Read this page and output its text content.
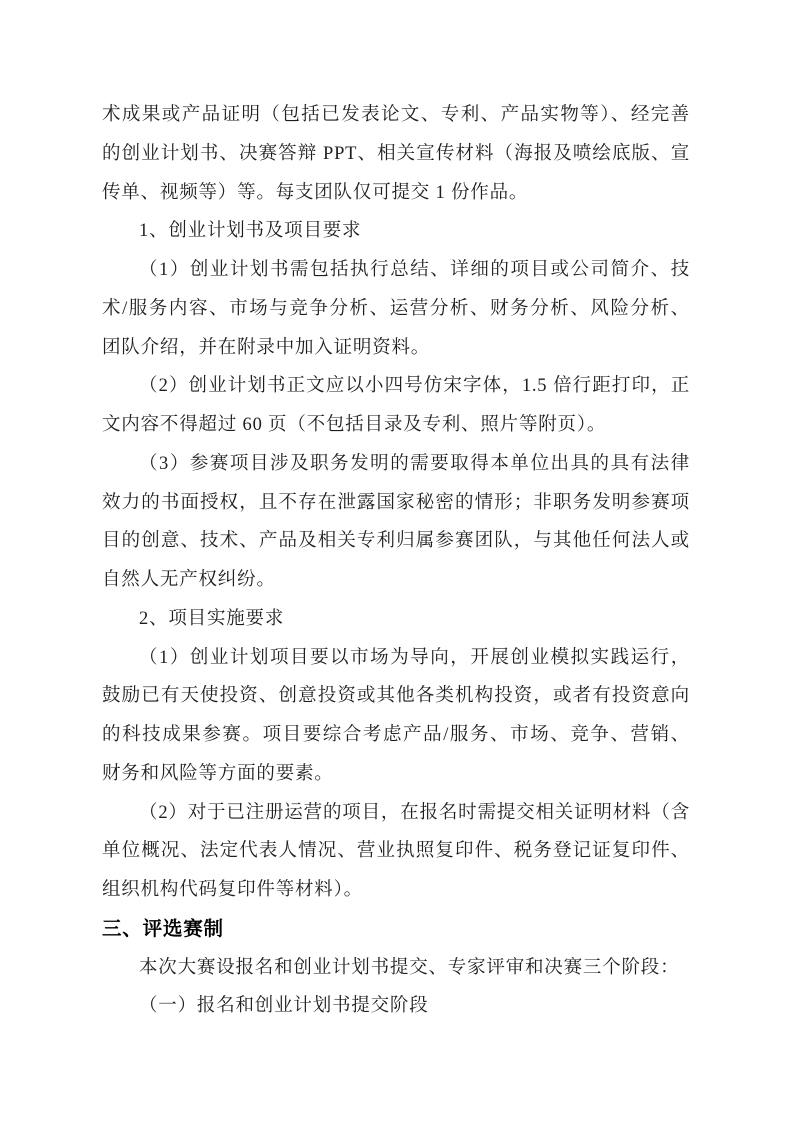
术成果或产品证明（包括已发表论文、专利、产品实物等）、经完善
的创业计划书、决赛答辩 PPT、相关宣传材料（海报及喷绘底版、宣
传单、视频等）等。每支团队仅可提交 1 份作品。
1、创业计划书及项目要求
（1）创业计划书需包括执行总结、详细的项目或公司简介、技
术/服务内容、市场与竞争分析、运营分析、财务分析、风险分析、
团队介绍，并在附录中加入证明资料。
（2）创业计划书正文应以小四号仿宋字体，1.5 倍行距打印，正
文内容不得超过 60 页（不包括目录及专利、照片等附页）。
（3）参赛项目涉及职务发明的需要取得本单位出具的具有法律
效力的书面授权，且不存在泄露国家秘密的情形；非职务发明参赛项
目的创意、技术、产品及相关专利归属参赛团队，与其他任何法人或
自然人无产权纠纷。
2、项目实施要求
（1）创业计划项目要以市场为导向，开展创业模拟实践运行，
鼓励已有天使投资、创意投资或其他各类机构投资，或者有投资意向
的科技成果参赛。项目要综合考虑产品/服务、市场、竞争、营销、
财务和风险等方面的要素。
（2）对于已注册运营的项目，在报名时需提交相关证明材料（含
单位概况、法定代表人情况、营业执照复印件、税务登记证复印件、
组织机构代码复印件等材料）。
三、评选赛制
本次大赛设报名和创业计划书提交、专家评审和决赛三个阶段：
（一）报名和创业计划书提交阶段
